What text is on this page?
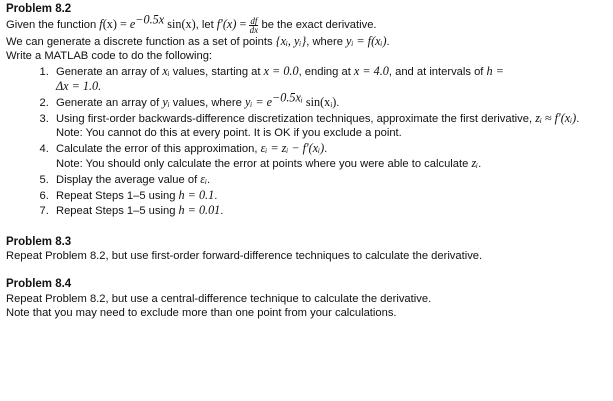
Problem 8.2
Given the function $f(x) = e^{-0.5x}$ sin(x), let $f'(x) = \frac{df}{dx}$ be the exact derivative.
We can generate a discrete function as a set of points {xᵢ, yᵢ}, where yᵢ = f(xᵢ).
Write a MATLAB code to do the following:
1. Generate an array of xᵢ values, starting at x = 0.0, ending at x = 4.0, and at intervals of h =
Δx = 1.0.
2. Generate an array of yᵢ values, where yᵢ = $e^{-0.5xᵢ}$ sin(xᵢ).
3. Using first-order backwards-difference discretization techniques, approximate the first derivative, zᵢ ≈ f′(xᵢ).
Note: You cannot do this at every point. It is OK if you exclude a point.
4. Calculate the error of this approximation, εᵢ = zᵢ − f′(xᵢ).
Note: You should only calculate the error at points where you were able to calculate zᵢ.
5. Display the average value of εᵢ.
6. Repeat Steps 1–5 using h = 0.1.
7. Repeat Steps 1–5 using h = 0.01.
Problem 8.3
Repeat Problem 8.2, but use first-order forward-difference techniques to calculate the derivative.
Problem 8.4
Repeat Problem 8.2, but use a central-difference technique to calculate the derivative.
Note that you may need to exclude more than one point from your calculations.
